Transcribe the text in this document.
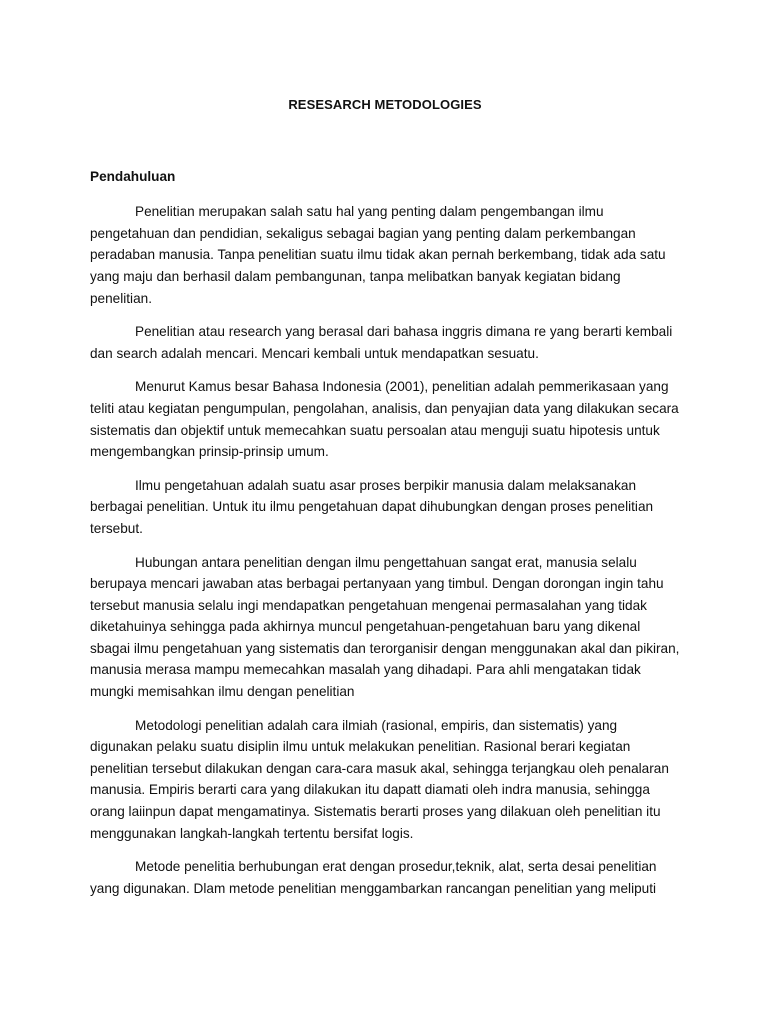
RESESARCH METODOLOGIES
Pendahuluan

Penelitian merupakan salah satu hal yang penting dalam pengembangan ilmu pengetahuan dan pendidian, sekaligus sebagai bagian yang penting dalam perkembangan peradaban manusia. Tanpa penelitian suatu ilmu tidak akan pernah berkembang, tidak ada satu yang maju dan berhasil dalam pembangunan, tanpa melibatkan banyak kegiatan bidang penelitian.

Penelitian atau research yang berasal dari bahasa inggris dimana re yang berarti kembali dan search adalah mencari. Mencari kembali untuk mendapatkan sesuatu.

Menurut Kamus besar Bahasa Indonesia (2001), penelitian adalah pemmerikasaan yang teliti atau kegiatan pengumpulan, pengolahan, analisis, dan penyajian data yang dilakukan secara sistematis dan objektif untuk memecahkan suatu persoalan atau menguji suatu hipotesis untuk mengembangkan prinsip-prinsip umum.

Ilmu pengetahuan adalah suatu asar proses berpikir manusia dalam melaksanakan berbagai penelitian. Untuk itu ilmu pengetahuan dapat dihubungkan dengan proses penelitian tersebut.

Hubungan antara penelitian dengan ilmu pengettahuan sangat erat, manusia selalu berupaya mencari jawaban atas berbagai pertanyaan yang timbul. Dengan dorongan ingin tahu tersebut manusia selalu ingi mendapatkan pengetahuan mengenai permasalahan yang tidak diketahuinya sehingga pada akhirnya muncul pengetahuan-pengetahuan baru yang dikenal sbagai ilmu pengetahuan yang sistematis dan terorganisir dengan menggunakan akal dan pikiran, manusia merasa mampu memecahkan masalah yang dihadapi. Para ahli mengatakan tidak mungki memisahkan ilmu dengan penelitian

Metodologi penelitian adalah cara ilmiah (rasional, empiris, dan sistematis) yang digunakan pelaku suatu disiplin ilmu untuk melakukan penelitian. Rasional berari kegiatan penelitian tersebut dilakukan dengan cara-cara masuk akal, sehingga terjangkau oleh penalaran manusia. Empiris berarti cara yang dilakukan itu dapatt diamati oleh indra manusia, sehingga orang laiinpun dapat mengamatinya. Sistematis berarti proses yang dilakuan oleh penelitian itu menggunakan langkah-langkah tertentu bersifat logis.

Metode penelitia berhubungan erat dengan prosedur,teknik, alat, serta desai penelitian yang digunakan. Dlam metode penelitian menggambarkan rancangan penelitian yang meliputi
